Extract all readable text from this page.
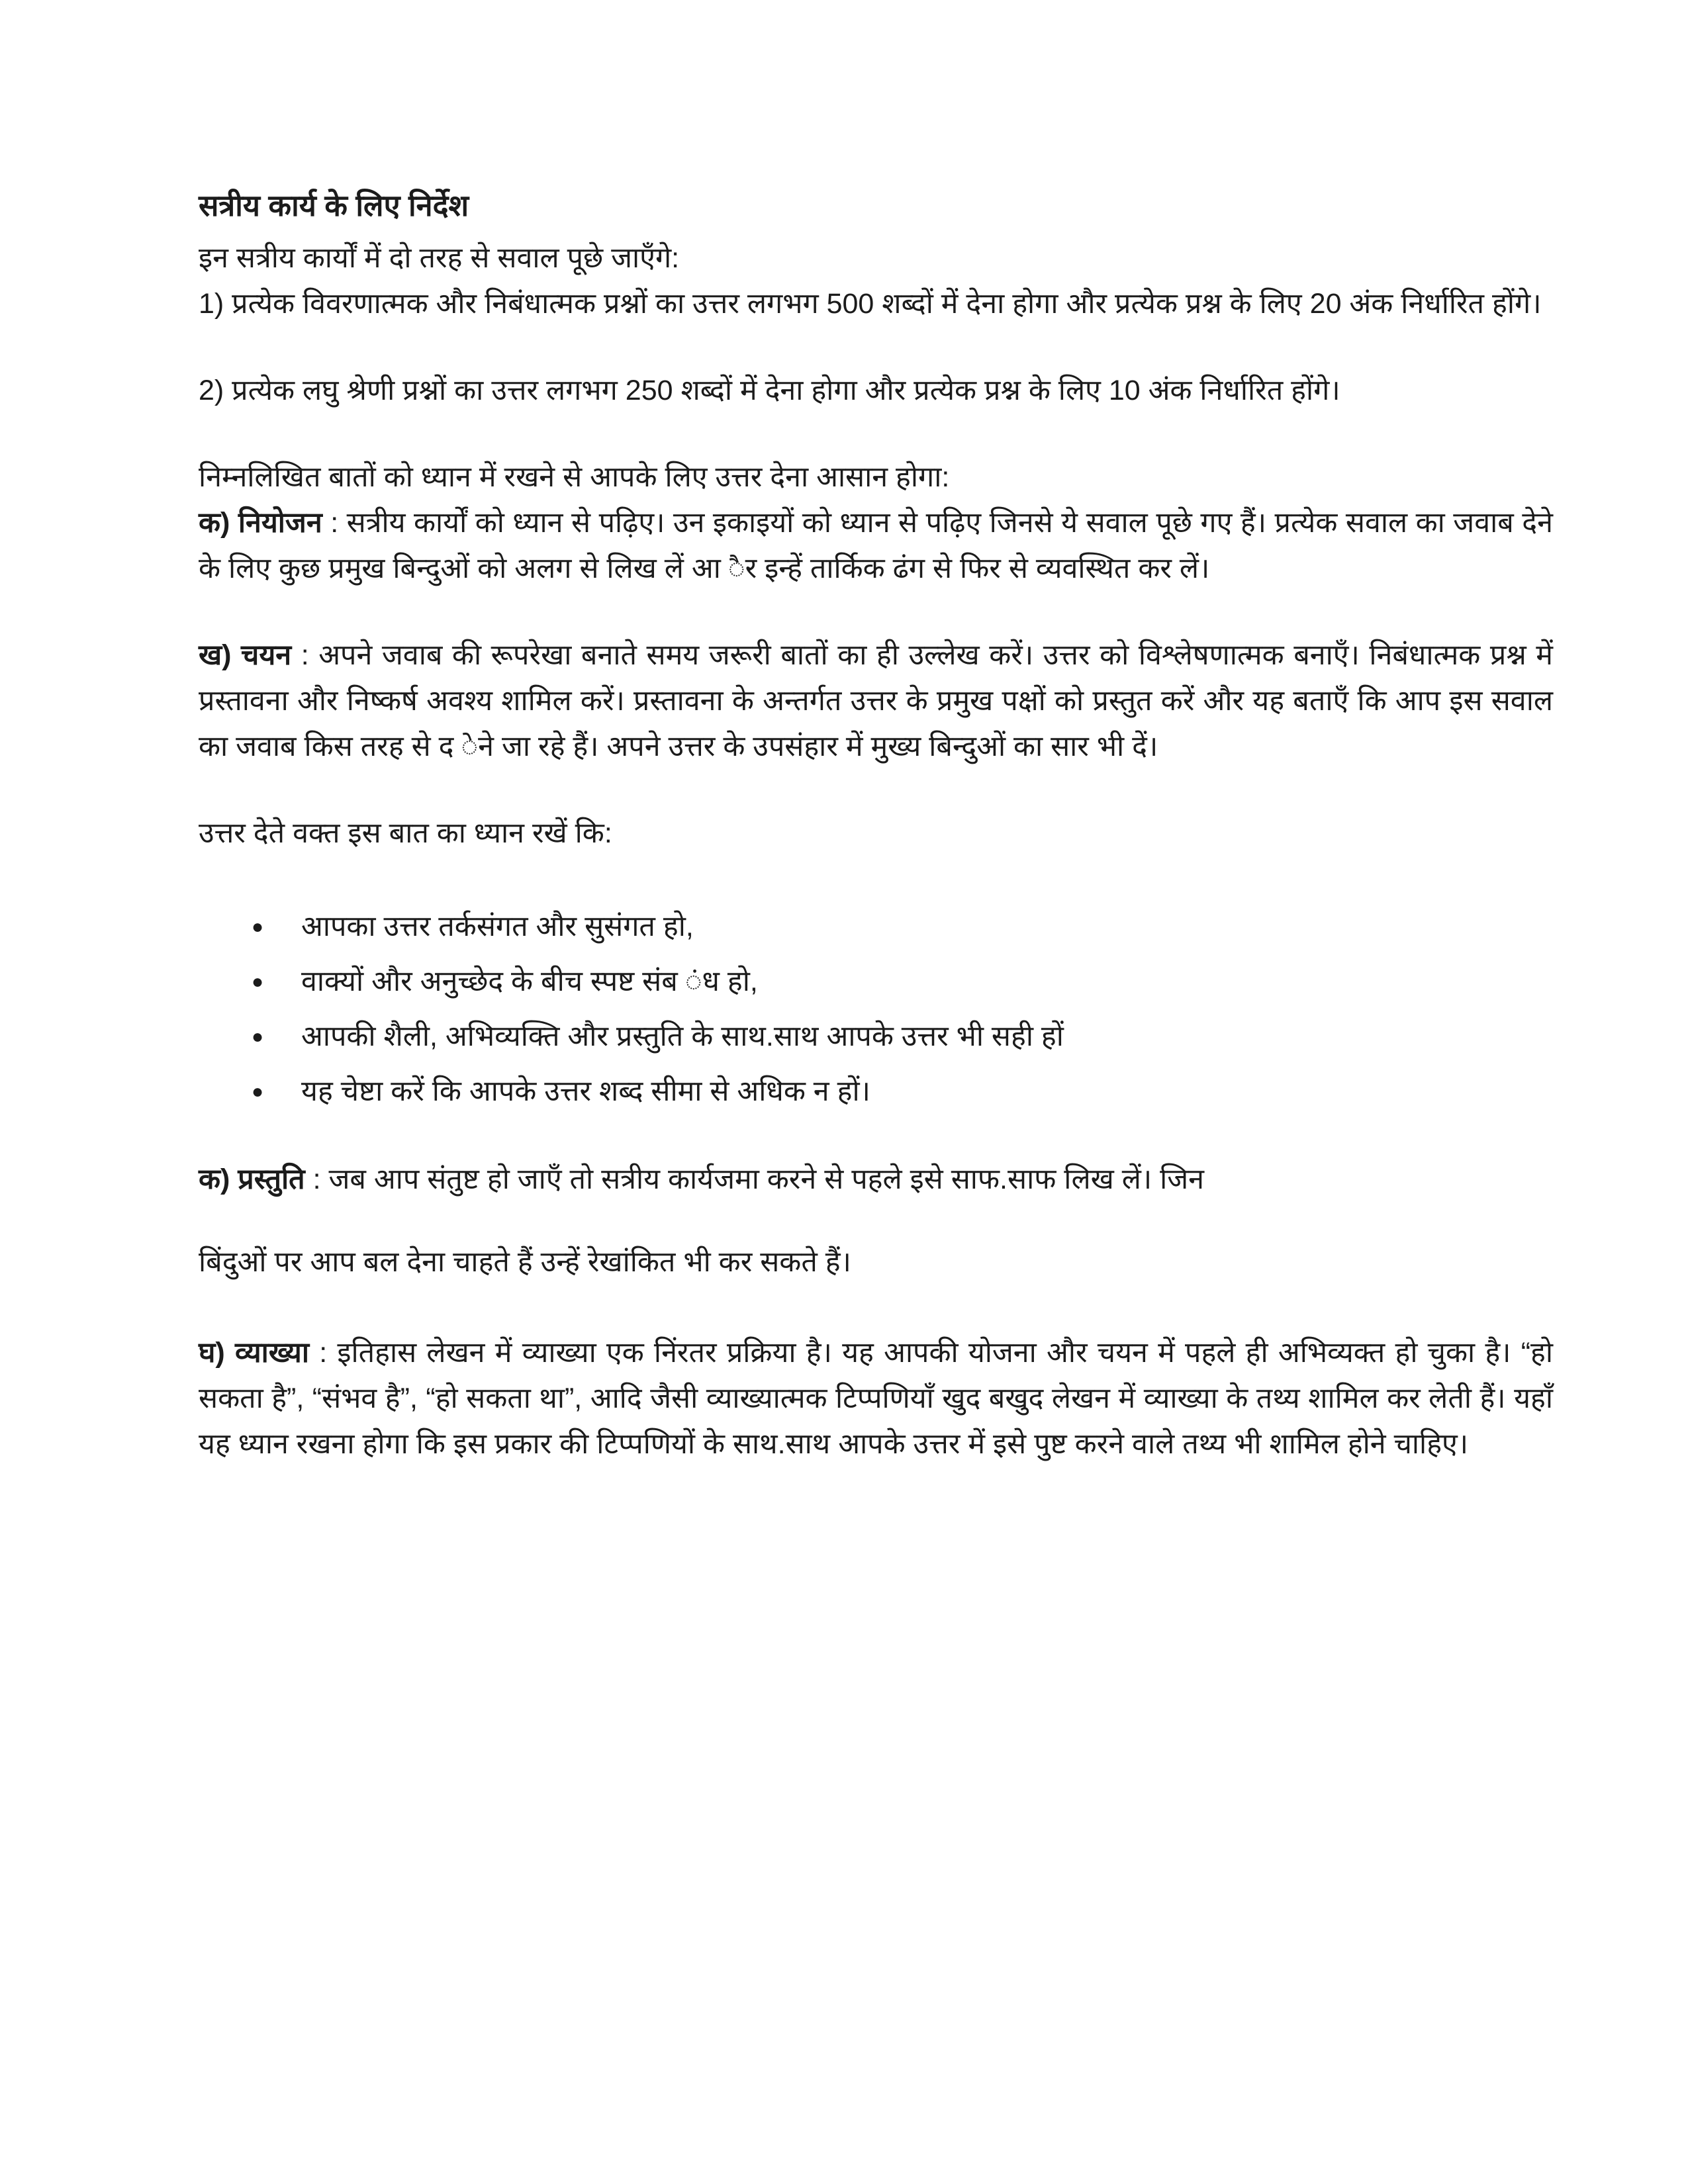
सत्रीय कार्य के लिए निर्देश

इन सत्रीय कार्यों में दो तरह से सवाल पूछे जाएँगे:

1) प्रत्येक विवरणात्मक और निबंधात्मक प्रश्नों का उत्तर लगभग 500 शब्दों में देना होगा और प्रत्येक प्रश्न के लिए 20 अंक निर्धारित होंगे।

2) प्रत्येक लघु श्रेणी प्रश्नों का उत्तर लगभग 250 शब्दों में देना होगा और प्रत्येक प्रश्न के लिए 10 अंक निर्धारित होंगे।

निम्नलिखित बातों को ध्यान में रखने से आपके लिए उत्तर देना आसान होगा:

क) नियोजन : सत्रीय कार्यों को ध्यान से पढ़िए। उन इकाइयों को ध्यान से पढ़िए जिनसे ये सवाल पूछे गए हैं। प्रत्येक सवाल का जवाब देने के लिए कुछ प्रमुख बिन्दुओं को अलग से लिख लें आ ैर इन्हें तार्किक ढंग से फिर से व्यवस्थित कर लें।

ख) चयन : अपने जवाब की रूपरेखा बनाते समय जरूरी बातों का ही उल्लेख करें। उत्तर को विश्लेषणात्मक बनाएँ। निबंधात्मक प्रश्न में प्रस्तावना और निष्कर्ष अवश्य शामिल करें। प्रस्तावना के अन्तर्गत उत्तर के प्रमुख पक्षों को प्रस्तुत करें और यह बताएँ कि आप इस सवाल का जवाब किस तरह से द ेने जा रहे हैं। अपने उत्तर के उपसंहार में मुख्य बिन्दुओं का सार भी दें।

उत्तर देते वक्त इस बात का ध्यान रखें कि:

●	आपका उत्तर तर्कसंगत और सुसंगत हो,
●	वाक्यों और अनुच्छेद के बीच स्पष्ट संब ंध हो,
●	आपकी शैली, अभिव्यक्ति और प्रस्तुति के साथ.साथ आपके उत्तर भी सही हों
●	यह चेष्टा करें कि आपके उत्तर शब्द सीमा से अधिक न हों।

क) प्रस्तुति : जब आप संतुष्ट हो जाएँ तो सत्रीय कार्यजमा करने से पहले इसे साफ.साफ लिख लें। जिन

बिंदुओं पर आप बल देना चाहते हैं उन्हें रेखांकित भी कर सकते हैं।

घ) व्याख्या : इतिहास लेखन में व्याख्या एक निंरतर प्रक्रिया है। यह आपकी योजना और चयन में पहले ही अभिव्यक्त हो चुका है। “हो सकता है”, “संभव है”, “हो सकता था”, आदि जैसी व्याख्यात्मक टिप्पणियाँ खुद बखुद लेखन में व्याख्या के तथ्य शामिल कर लेती हैं। यहाँ यह ध्यान रखना होगा कि इस प्रकार की टिप्पणियों के साथ.साथ आपके उत्तर में इसे पुष्ट करने वाले तथ्य भी शामिल होने चाहिए।
